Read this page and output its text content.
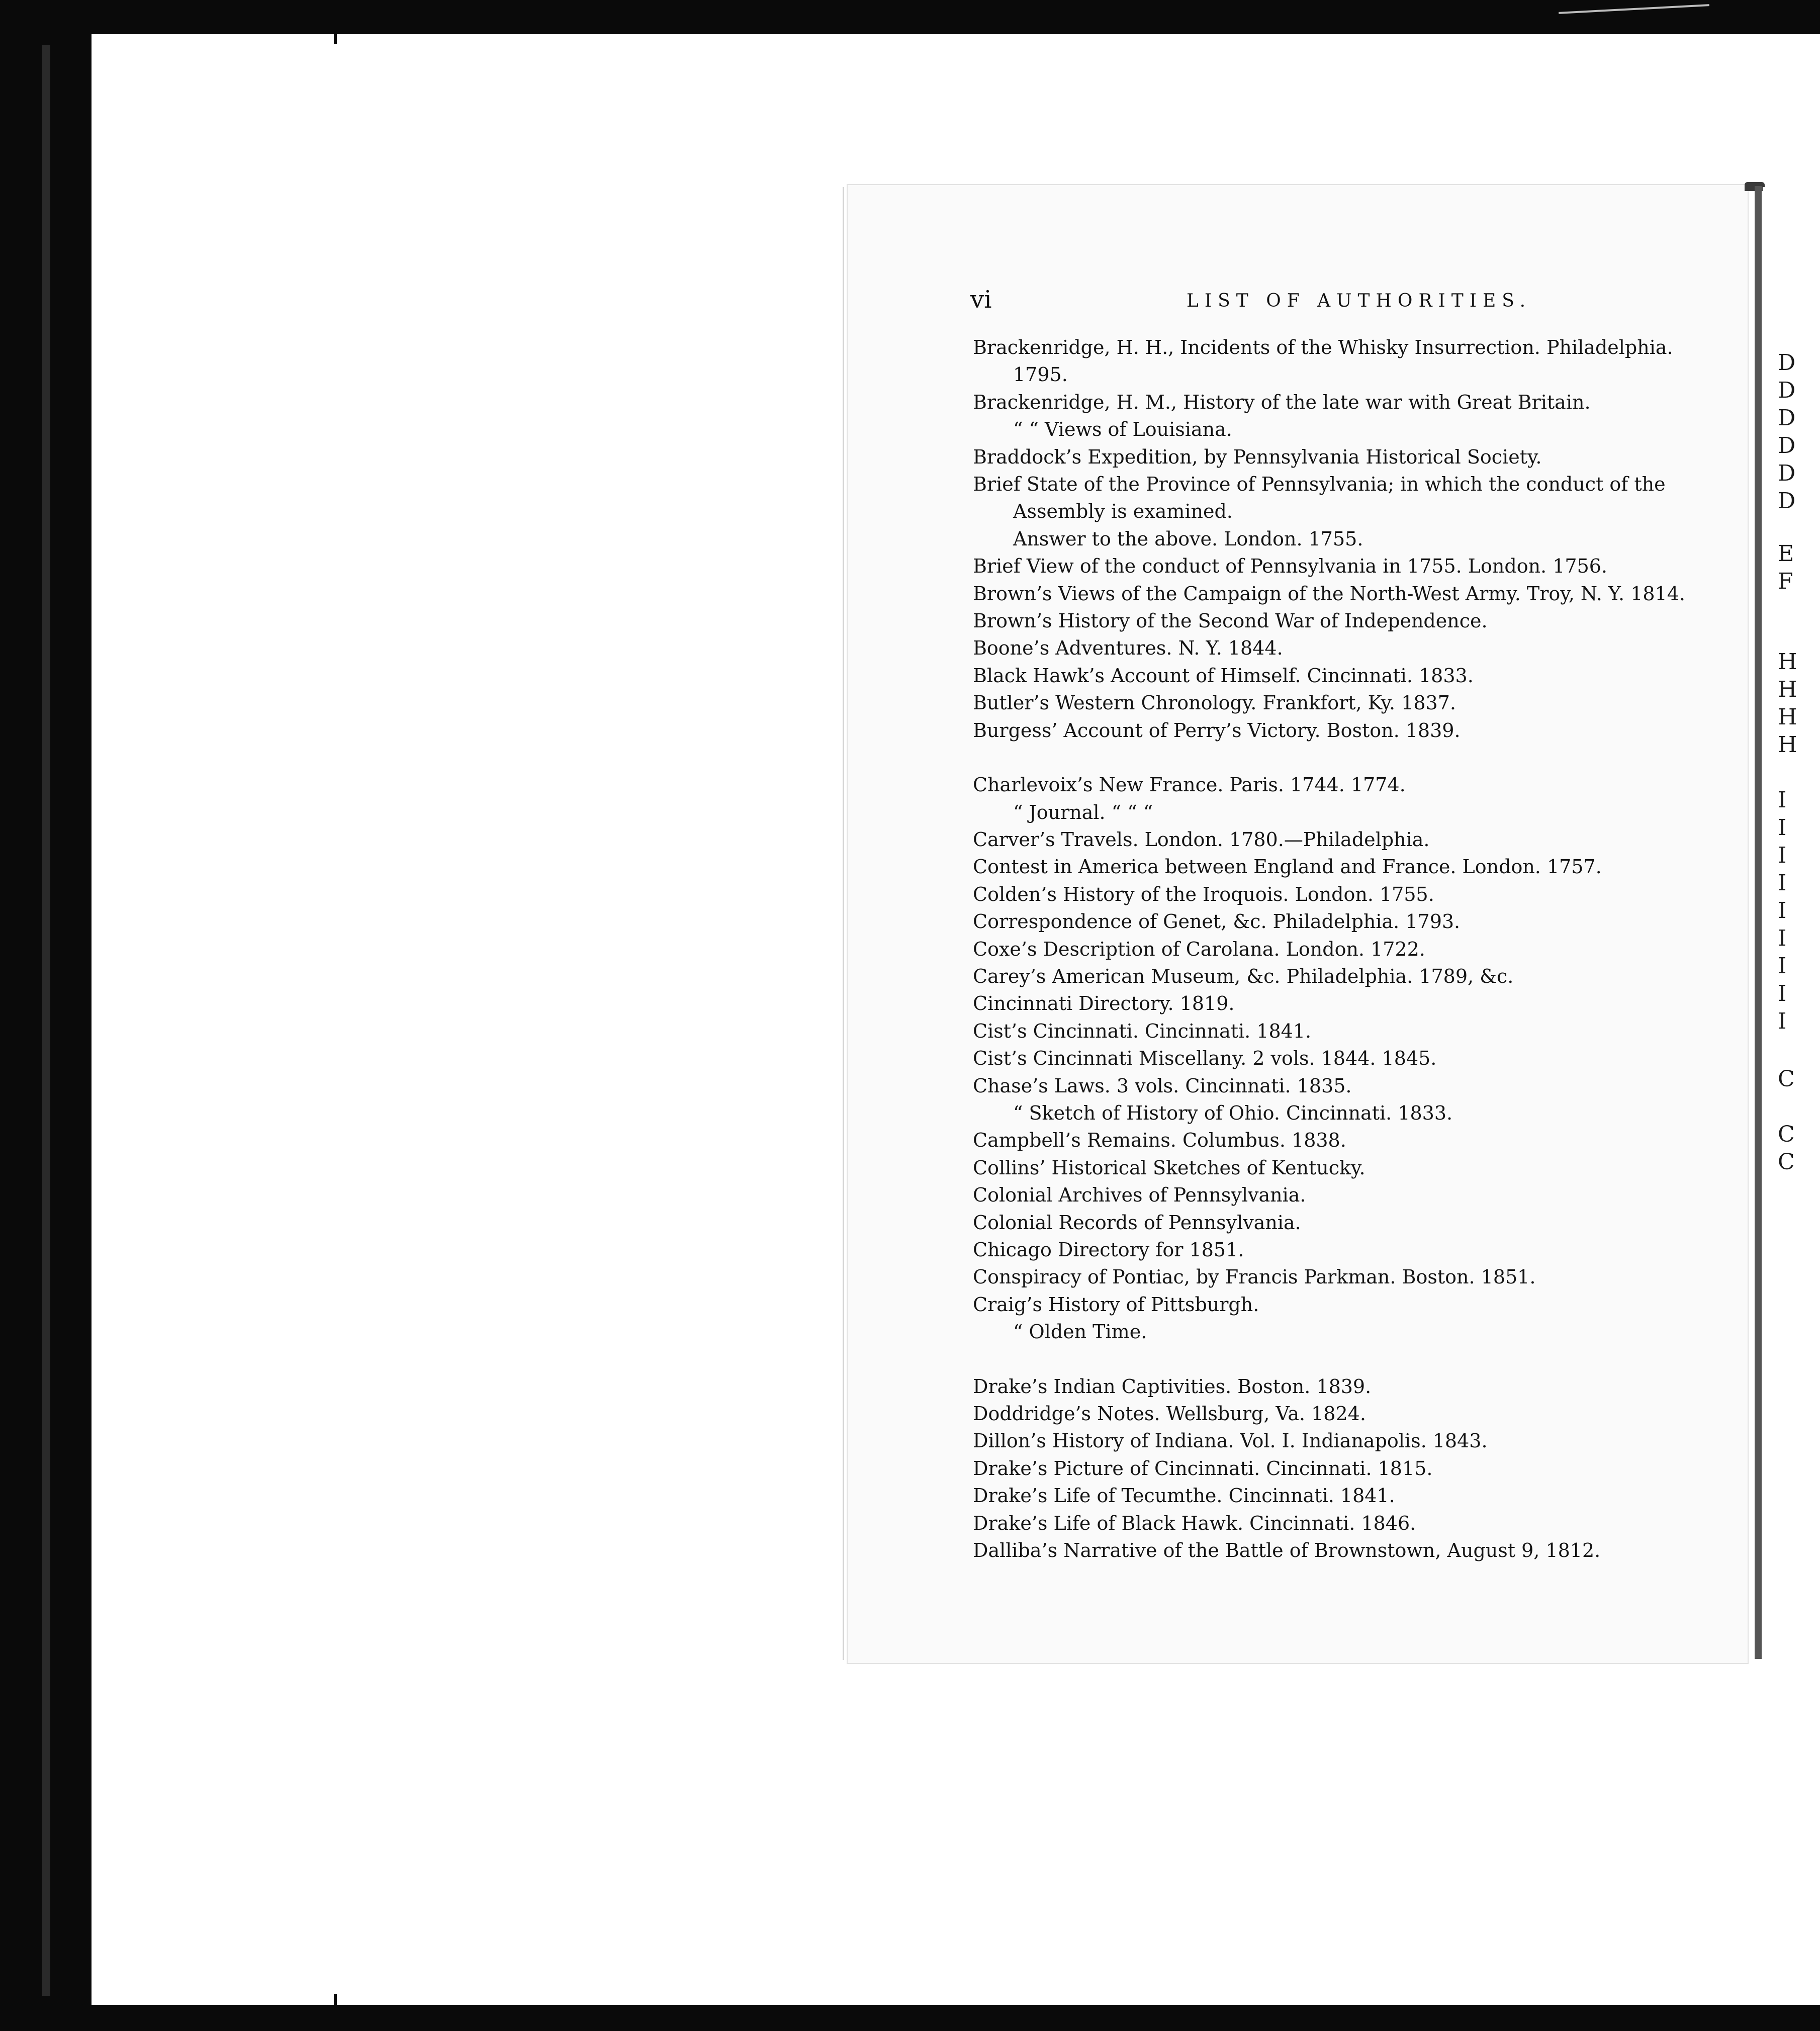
D
D
D
D
D
D
E
F
H
H
H
H
I
I
I
I
I
I
I
I
I
C
C
C
vi	LIST OF AUTHORITIES.
Brackenridge, H. H., Incidents of the Whisky Insurrection. Philadelphia. 1795.
Brackenridge, H. M., History of the late war with Great Britain.
“ “ Views of Louisiana.
Braddock’s Expedition, by Pennsylvania Historical Society.
Brief State of the Province of Pennsylvania; in which the conduct of the Assembly is examined.
Answer to the above. London. 1755.
Brief View of the conduct of Pennsylvania in 1755. London. 1756.
Brown’s Views of the Campaign of the North-West Army. Troy, N. Y. 1814.
Brown’s History of the Second War of Independence.
Boone’s Adventures. N. Y. 1844.
Black Hawk’s Account of Himself. Cincinnati. 1833.
Butler’s Western Chronology. Frankfort, Ky. 1837.
Burgess’ Account of Perry’s Victory. Boston. 1839.
Charlevoix’s New France. Paris. 1744. 1774.
“ Journal. “ “ “
Carver’s Travels. London. 1780.—Philadelphia.
Contest in America between England and France. London. 1757.
Colden’s History of the Iroquois. London. 1755.
Correspondence of Genet, &c. Philadelphia. 1793.
Coxe’s Description of Carolana. London. 1722.
Carey’s American Museum, &c. Philadelphia. 1789, &c.
Cincinnati Directory. 1819.
Cist’s Cincinnati. Cincinnati. 1841.
Cist’s Cincinnati Miscellany. 2 vols. 1844. 1845.
Chase’s Laws. 3 vols. Cincinnati. 1835.
“ Sketch of History of Ohio. Cincinnati. 1833.
Campbell’s Remains. Columbus. 1838.
Collins’ Historical Sketches of Kentucky.
Colonial Archives of Pennsylvania.
Colonial Records of Pennsylvania.
Chicago Directory for 1851.
Conspiracy of Pontiac, by Francis Parkman. Boston. 1851.
Craig’s History of Pittsburgh.
“ Olden Time.
Drake’s Indian Captivities. Boston. 1839.
Doddridge’s Notes. Wellsburg, Va. 1824.
Dillon’s History of Indiana. Vol. I. Indianapolis. 1843.
Drake’s Picture of Cincinnati. Cincinnati. 1815.
Drake’s Life of Tecumthe. Cincinnati. 1841.
Drake’s Life of Black Hawk. Cincinnati. 1846.
Dalliba’s Narrative of the Battle of Brownstown, August 9, 1812.
